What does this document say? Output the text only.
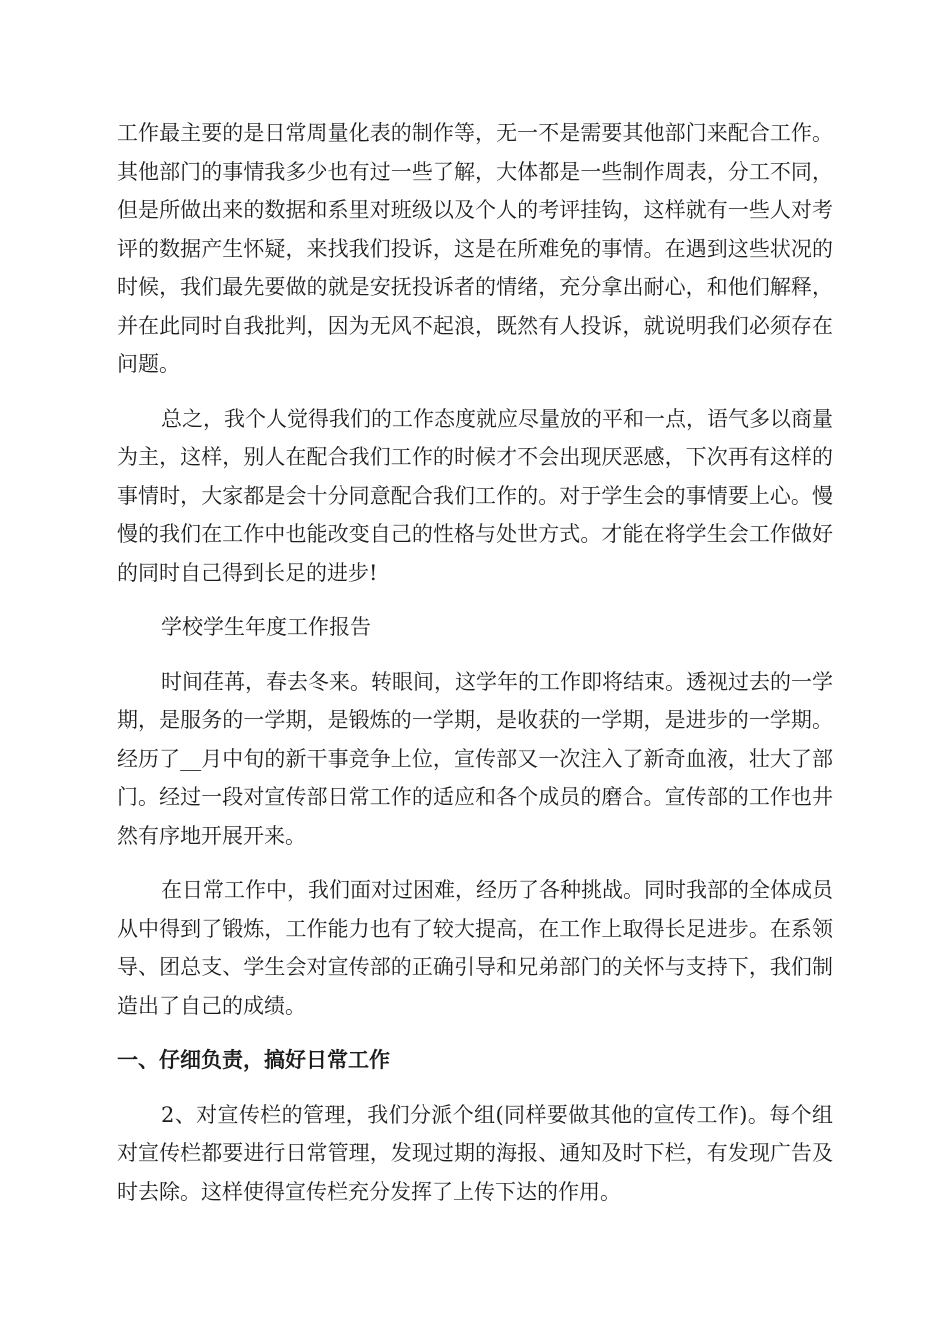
工作最主要的是日常周量化表的制作等，无一不是需要其他部门来配合工作。其他部门的事情我多少也有过一些了解，大体都是一些制作周表，分工不同，但是所做出来的数据和系里对班级以及个人的考评挂钩，这样就有一些人对考评的数据产生怀疑，来找我们投诉，这是在所难免的事情。在遇到这些状况的时候，我们最先要做的就是安抚投诉者的情绪，充分拿出耐心，和他们解释，并在此同时自我批判，因为无风不起浪，既然有人投诉，就说明我们必须存在问题。

总之，我个人觉得我们的工作态度就应尽量放的平和一点，语气多以商量为主，这样，别人在配合我们工作的时候才不会出现厌恶感，下次再有这样的事情时，大家都是会十分同意配合我们工作的。对于学生会的事情要上心。慢慢的我们在工作中也能改变自己的性格与处世方式。才能在将学生会工作做好的同时自己得到长足的进步!

学校学生年度工作报告

时间荏苒，春去冬来。转眼间，这学年的工作即将结束。透视过去的一学期，是服务的一学期，是锻炼的一学期，是收获的一学期，是进步的一学期。经历了__月中旬的新干事竞争上位，宣传部又一次注入了新奇血液，壮大了部门。经过一段对宣传部日常工作的适应和各个成员的磨合。宣传部的工作也井然有序地开展开来。

在日常工作中，我们面对过困难，经历了各种挑战。同时我部的全体成员从中得到了锻炼，工作能力也有了较大提高，在工作上取得长足进步。在系领导、团总支、学生会对宣传部的正确引导和兄弟部门的关怀与支持下，我们制造出了自己的成绩。

一、仔细负责，搞好日常工作

2、对宣传栏的管理，我们分派个组(同样要做其他的宣传工作)。每个组对宣传栏都要进行日常管理，发现过期的海报、通知及时下栏，有发现广告及时去除。这样使得宣传栏充分发挥了上传下达的作用。
